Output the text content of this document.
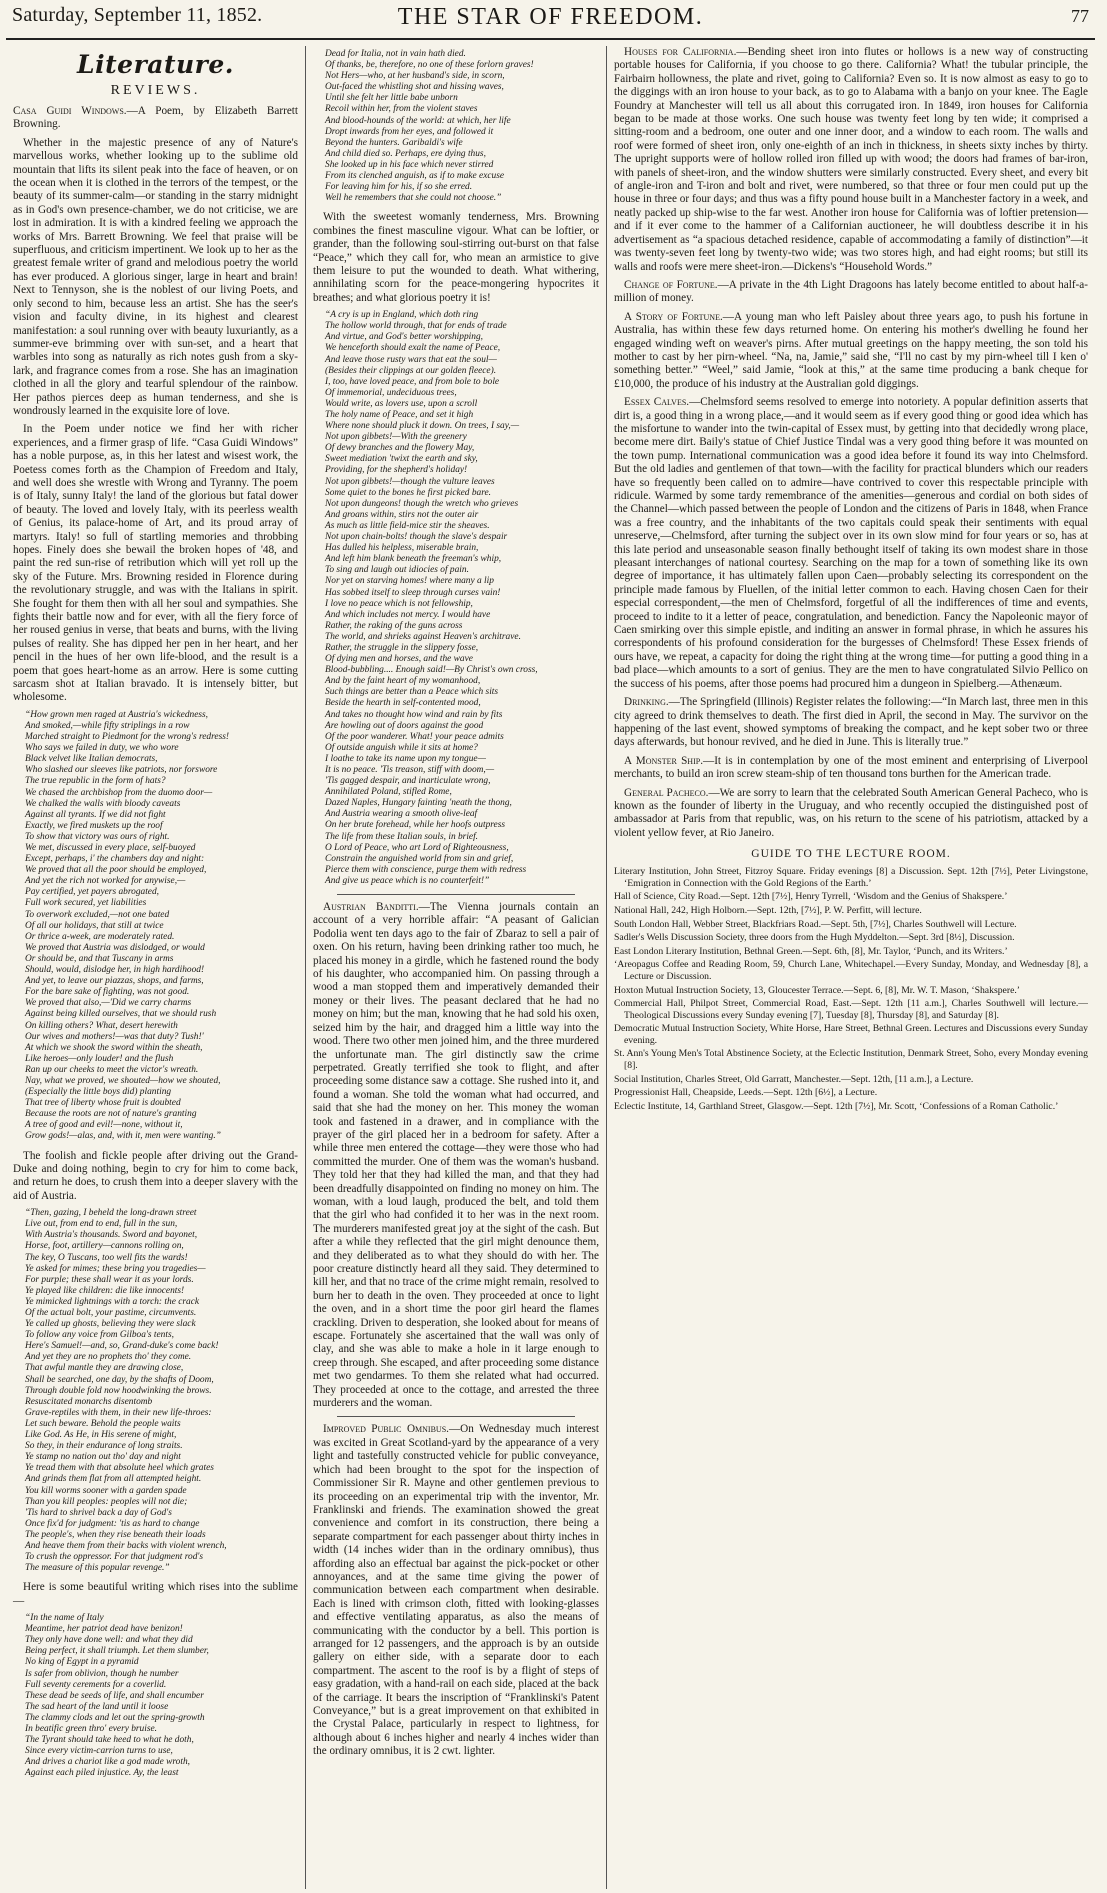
Saturday, September 11, 1852.	THE STAR OF FREEDOM.	77
Literature.
REVIEWS.

Casa Guidi Windows.—A Poem, by Elizabeth Barrett Browning.

Whether in the majestic presence of any of Nature's marvellous works, whether looking up to the sublime old mountain that lifts its silent peak into the face of heaven, or on the ocean when it is clothed in the terrors of the tempest, or the beauty of its summer-calm—or standing in the starry midnight as in God's own presence-chamber, we do not criticise, we are lost in admiration. It is with a kindred feeling we approach the works of Mrs. Barrett Browning. We feel that praise will be superfluous, and criticism impertinent. We look up to her as the greatest female writer of grand and melodious poetry the world has ever produced. A glorious singer, large in heart and brain! Next to Tennyson, she is the noblest of our living Poets, and only second to him, because less an artist. She has the seer's vision and faculty divine, in its highest and clearest manifestation: a soul running over with beauty luxuriantly, as a summer-eve brimming over with sun-set, and a heart that warbles into song as naturally as rich notes gush from a sky-lark, and fragrance comes from a rose. She has an imagination clothed in all the glory and tearful splendour of the rainbow. Her pathos pierces deep as human tenderness, and she is wondrously learned in the exquisite lore of love.

In the Poem under notice we find her with richer experiences, and a firmer grasp of life. “Casa Guidi Windows” has a noble purpose, as, in this her latest and wisest work, the Poetess comes forth as the Champion of Freedom and Italy, and well does she wrestle with Wrong and Tyranny. The poem is of Italy, sunny Italy! the land of the glorious but fatal dower of beauty. The loved and lovely Italy, with its peerless wealth of Genius, its palace-home of Art, and its proud array of martyrs. Italy! so full of startling memories and throbbing hopes. Finely does she bewail the broken hopes of '48, and paint the red sun-rise of retribution which will yet roll up the sky of the Future. Mrs. Browning resided in Florence during the revolutionary struggle, and was with the Italians in spirit. She fought for them then with all her soul and sympathies. She fights their battle now and for ever, with all the fiery force of her roused genius in verse, that beats and burns, with the living pulses of reality. She has dipped her pen in her heart, and her pencil in the hues of her own life-blood, and the result is a poem that goes heart-home as an arrow. Here is some cutting sarcasm shot at Italian bravado. It is intensely bitter, but wholesome.

“How grown men raged at Austria's wickedness,
And smoked,—while fifty striplings in a row
Marched straight to Piedmont for the wrong's redress!
Who says we failed in duty, we who wore
Black velvet like Italian democrats,
Who slashed our sleeves like patriots, nor forswore
The true republic in the form of hats?
We chased the archbishop from the duomo door—
We chalked the walls with bloody caveats
Against all tyrants. If we did not fight
Exactly, we fired muskets up the roof
To show that victory was ours of right.
We met, discussed in every place, self-buoyed
Except, perhaps, i' the chambers day and night:
We proved that all the poor should be employed,
And yet the rich not worked for anywise,—
Pay certified, yet payers abrogated,
Full work secured, yet liabilities
To overwork excluded,—not one bated
Of all our holidays, that still at twice
Or thrice a-week, are moderately rated.
We proved that Austria was dislodged, or would
Or should be, and that Tuscany in arms
Should, would, dislodge her, in high hardihood!
And yet, to leave our piazzas, shops, and farms,
For the bare sake of fighting, was not good.
We proved that also,—'Did we carry charms
Against being killed ourselves, that we should rush
On killing others? What, desert herewith
Our wives and mothers!—was that duty? Tush!'
At which we shook the sword within the sheath,
Like heroes—only louder! and the flush
Ran up our cheeks to meet the victor's wreath.
Nay, what we proved, we shouted—how we shouted,
(Especially the little boys did) planting
That tree of liberty whose fruit is doubted
Because the roots are not of nature's granting
A tree of good and evil!—none, without it,
Grow gods!—alas, and, with it, men were wanting.”

The foolish and fickle people after driving out the Grand-Duke and doing nothing, begin to cry for him to come back, and return he does, to crush them into a deeper slavery with the aid of Austria.

“Then, gazing, I beheld the long-drawn street
Live out, from end to end, full in the sun,
With Austria's thousands. Sword and bayonet,
Horse, foot, artillery—cannons rolling on,
The key, O Tuscans, too well fits the wards!
Ye asked for mimes; these bring you tragedies—
For purple; these shall wear it as your lords.
Ye played like children: die like innocents!
Ye mimicked lightnings with a torch: the crack
Of the actual bolt, your pastime, circumvents.
Ye called up ghosts, believing they were slack
To follow any voice from Gilboa's tents,
Here's Samuel!—and, so, Grand-duke's come back!
And yet they are no prophets tho' they come.
That awful mantle they are drawing close,
Shall be searched, one day, by the shafts of Doom,
Through double fold now hoodwinking the brows.
Resuscitated monarchs disentomb
Grave-reptiles with them, in their new life-throes:
Let such beware. Behold the people waits
Like God. As He, in His serene of might,
So they, in their endurance of long straits.
Ye stamp no nation out tho' day and night
Ye tread them with that absolute heel which grates
And grinds them flat from all attempted height.
You kill worms sooner with a garden spade
Than you kill peoples: peoples will not die;
'Tis hard to shrivel back a day of God's
Once fix'd for judgment: 'tis as hard to change
The people's, when they rise beneath their loads
And heave them from their backs with violent wrench,
To crush the oppressor. For that judgment rod's
The measure of this popular revenge.”

Here is some beautiful writing which rises into the sublime—

“In the name of Italy
Meantime, her patriot dead have benizon!
They only have done well: and what they did
Being perfect, it shall triumph. Let them slumber,
No king of Egypt in a pyramid
Is safer from oblivion, though he number
Full seventy cerements for a coverlid.
These dead be seeds of life, and shall encumber
The sad heart of the land until it loose
The clammy clods and let out the spring-growth
In beatific green thro' every bruise.
The Tyrant should take heed to what he doth,
Since every victim-carrion turns to use,
And drives a chariot like a god made wroth,
Against each piled injustice. Ay, the least
Dead for Italia, not in vain hath died.
Of thanks, be, therefore, no one of these forlorn graves!
Not Hers—who, at her husband's side, in scorn,
Out-faced the whistling shot and hissing waves,
Until she felt her little babe unborn
Recoil within her, from the violent staves
And blood-hounds of the world: at which, her life
Dropt inwards from her eyes, and followed it
Beyond the hunters. Garibaldi's wife
And child died so. Perhaps, ere dying thus,
She looked up in his face which never stirred
From its clenched anguish, as if to make excuse
For leaving him for his, if so she erred.
Well he remembers that she could not choose.”

With the sweetest womanly tenderness, Mrs. Browning combines the finest masculine vigour. What can be loftier, or grander, than the following soul-stirring out-burst on that false “Peace,” which they call for, who mean an armistice to give them leisure to put the wounded to death. What withering, annihilating scorn for the peace-mongering hypocrites it breathes; and what glorious poetry it is!

“A cry is up in England, which doth ring
The hollow world through, that for ends of trade
And virtue, and God's better worshipping,
We henceforth should exalt the name of Peace,
And leave those rusty wars that eat the soul—
(Besides their clippings at our golden fleece).
I, too, have loved peace, and from bole to bole
Of immemorial, undeciduous trees,
Would write, as lovers use, upon a scroll
The holy name of Peace, and set it high
Where none should pluck it down. On trees, I say,—
Not upon gibbets!—With the greenery
Of dewy branches and the flowery May,
Sweet mediation 'twixt the earth and sky,
Providing, for the shepherd's holiday!
Not upon gibbets!—though the vulture leaves
Some quiet to the bones he first picked bare.
Not upon dungeons! though the wretch who grieves
And groans within, stirs not the outer air
As much as little field-mice stir the sheaves.
Not upon chain-bolts! though the slave's despair
Has dulled his helpless, miserable brain,
And left him blank beneath the freeman's whip,
To sing and laugh out idiocies of pain.
Nor yet on starving homes! where many a lip
Has sobbed itself to sleep through curses vain!
I love no peace which is not fellowship,
And which includes not mercy. I would have
Rather, the raking of the guns across
The world, and shrieks against Heaven's architrave.
Rather, the struggle in the slippery fosse,
Of dying men and horses, and the wave
Blood-bubbling.... Enough said!—By Christ's own cross,
And by the faint heart of my womanhood,
Such things are better than a Peace which sits
Beside the hearth in self-contented mood,
And takes no thought how wind and rain by fits
Are howling out of doors against the good
Of the poor wanderer. What! your peace admits
Of outside anguish while it sits at home?
I loathe to take its name upon my tongue—
It is no peace. 'Tis treason, stiff with doom,—
'Tis gagged despair, and inarticulate wrong,
Annihilated Poland, stifled Rome,
Dazed Naples, Hungary fainting 'neath the thong,
And Austria wearing a smooth olive-leaf
On her brute forehead, while her hoofs outpress
The life from these Italian souls, in brief.
O Lord of Peace, who art Lord of Righteousness,
Constrain the anguished world from sin and grief,
Pierce them with conscience, purge them with redress
And give us peace which is no counterfeit!”

Austrian Banditti.—The Vienna journals contain an account of a very horrible affair: “A peasant of Galician Podolia went ten days ago to the fair of Zbaraz to sell a pair of oxen. On his return, having been drinking rather too much, he placed his money in a girdle, which he fastened round the body of his daughter, who accompanied him. On passing through a wood a man stopped them and imperatively demanded their money or their lives. The peasant declared that he had no money on him; but the man, knowing that he had sold his oxen, seized him by the hair, and dragged him a little way into the wood. There two other men joined him, and the three murdered the unfortunate man. The girl distinctly saw the crime perpetrated. Greatly terrified she took to flight, and after proceeding some distance saw a cottage. She rushed into it, and found a woman. She told the woman what had occurred, and said that she had the money on her. This money the woman took and fastened in a drawer, and in compliance with the prayer of the girl placed her in a bedroom for safety. After a while three men entered the cottage—they were those who had committed the murder. One of them was the woman's husband. They told her that they had killed the man, and that they had been dreadfully disappointed on finding no money on him. The woman, with a loud laugh, produced the belt, and told them that the girl who had confided it to her was in the next room. The murderers manifested great joy at the sight of the cash. But after a while they reflected that the girl might denounce them, and they deliberated as to what they should do with her. The poor creature distinctly heard all they said. They determined to kill her, and that no trace of the crime might remain, resolved to burn her to death in the oven. They proceeded at once to light the oven, and in a short time the poor girl heard the flames crackling. Driven to desperation, she looked about for means of escape. Fortunately she ascertained that the wall was only of clay, and she was able to make a hole in it large enough to creep through. She escaped, and after proceeding some distance met two gendarmes. To them she related what had occurred. They proceeded at once to the cottage, and arrested the three murderers and the woman.

Improved Public Omnibus.—On Wednesday much interest was excited in Great Scotland-yard by the appearance of a very light and tastefully constructed vehicle for public conveyance, which had been brought to the spot for the inspection of Commissioner Sir R. Mayne and other gentlemen previous to its proceeding on an experimental trip with the inventor, Mr. Franklinski and friends. The examination showed the great convenience and comfort in its construction, there being a separate compartment for each passenger about thirty inches in width (14 inches wider than in the ordinary omnibus), thus affording also an effectual bar against the pick-pocket or other annoyances, and at the same time giving the power of communication between each compartment when desirable. Each is lined with crimson cloth, fitted with looking-glasses and effective ventilating apparatus, as also the means of communicating with the conductor by a bell. This portion is arranged for 12 passengers, and the approach is by an outside gallery on either side, with a separate door to each compartment. The ascent to the roof is by a flight of steps of easy gradation, with a hand-rail on each side, placed at the back of the carriage. It bears the inscription of “Franklinski's Patent Conveyance,” but is a great improvement on that exhibited in the Crystal Palace, particularly in respect to lightness, for although about 6 inches higher and nearly 4 inches wider than the ordinary omnibus, it is 2 cwt. lighter.

Houses for California.—Bending sheet iron into flutes or hollows is a new way of constructing portable houses for California, if you choose to go there. California? What! the tubular principle, the Fairbairn hollowness, the plate and rivet, going to California? Even so. It is now almost as easy to go to the diggings with an iron house to your back, as to go to Alabama with a banjo on your knee. The Eagle Foundry at Manchester will tell us all about this corrugated iron. In 1849, iron houses for California began to be made at those works. One such house was twenty feet long by ten wide; it comprised a sitting-room and a bedroom, one outer and one inner door, and a window to each room. The walls and roof were formed of sheet iron, only one-eighth of an inch in thickness, in sheets sixty inches by thirty. The upright supports were of hollow rolled iron filled up with wood; the doors had frames of bar-iron, with panels of sheet-iron, and the window shutters were similarly constructed. Every sheet, and every bit of angle-iron and T-iron and bolt and rivet, were numbered, so that three or four men could put up the house in three or four days; and thus was a fifty pound house built in a Manchester factory in a week, and neatly packed up ship-wise to the far west. Another iron house for California was of loftier pretension—and if it ever come to the hammer of a Californian auctioneer, he will doubtless describe it in his advertisement as “a spacious detached residence, capable of accommodating a family of distinction”—it was twenty-seven feet long by twenty-two wide; was two stores high, and had eight rooms; but still its walls and roofs were mere sheet-iron.—Dickens's “Household Words.”

Change of Fortune.—A private in the 4th Light Dragoons has lately become entitled to about half-a-million of money.

A Story of Fortune.—A young man who left Paisley about three years ago, to push his fortune in Australia, has within these few days returned home. On entering his mother's dwelling he found her engaged winding weft on weaver's pirns. After mutual greetings on the happy meeting, the son told his mother to cast by her pirn-wheel. “Na, na, Jamie,” said she, “I'll no cast by my pirn-wheel till I ken o' something better.” “Weel,” said Jamie, “look at this,” at the same time producing a bank cheque for £10,000, the produce of his industry at the Australian gold diggings.

Essex Calves.—Chelmsford seems resolved to emerge into notoriety. A popular definition asserts that dirt is, a good thing in a wrong place,—and it would seem as if every good thing or good idea which has the misfortune to wander into the twin-capital of Essex must, by getting into that decidedly wrong place, become mere dirt. Baily's statue of Chief Justice Tindal was a very good thing before it was mounted on the town pump. International communication was a good idea before it found its way into Chelmsford. But the old ladies and gentlemen of that town—with the facility for practical blunders which our readers have so frequently been called on to admire—have contrived to cover this respectable principle with ridicule. Warmed by some tardy remembrance of the amenities—generous and cordial on both sides of the Channel—which passed between the people of London and the citizens of Paris in 1848, when France was a free country, and the inhabitants of the two capitals could speak their sentiments with equal unreserve,—Chelmsford, after turning the subject over in its own slow mind for four years or so, has at this late period and unseasonable season finally bethought itself of taking its own modest share in those pleasant interchanges of national courtesy. Searching on the map for a town of something like its own degree of importance, it has ultimately fallen upon Caen—probably selecting its correspondent on the principle made famous by Fluellen, of the initial letter common to each. Having chosen Caen for their especial correspondent,—the men of Chelmsford, forgetful of all the indifferences of time and events, proceed to indite to it a letter of peace, congratulation, and benediction. Fancy the Napoleonic mayor of Caen smirking over this simple epistle, and inditing an answer in formal phrase, in which he assures his correspondents of his profound consideration for the burgesses of Chelmsford! These Essex friends of ours have, we repeat, a capacity for doing the right thing at the wrong time—for putting a good thing in a bad place—which amounts to a sort of genius. They are the men to have congratulated Silvio Pellico on the success of his poems, after those poems had procured him a dungeon in Spielberg.—Athenæum.

Drinking.—The Springfield (Illinois) Register relates the following:—“In March last, three men in this city agreed to drink themselves to death. The first died in April, the second in May. The survivor on the happening of the last event, showed symptoms of breaking the compact, and he kept sober two or three days afterwards, but honour revived, and he died in June. This is literally true.”

A Monster Ship.—It is in contemplation by one of the most eminent and enterprising of Liverpool merchants, to build an iron screw steam-ship of ten thousand tons burthen for the American trade.

General Pacheco.—We are sorry to learn that the celebrated South American General Pacheco, who is known as the founder of liberty in the Uruguay, and who recently occupied the distinguished post of ambassador at Paris from that republic, was, on his return to the scene of his patriotism, attacked by a violent yellow fever, at Rio Janeiro.

GUIDE TO THE LECTURE ROOM.

Literary Institution, John Street, Fitzroy Square. Friday evenings [8] a Discussion. Sept. 12th [7½], Peter Livingstone, ‘Emigration in Connection with the Gold Regions of the Earth.’

Hall of Science, City Road.—Sept. 12th [7½], Henry Tyrrell, ‘Wisdom and the Genius of Shakspere.’

National Hall, 242, High Holborn.—Sept. 12th, [7½], P. W. Perfitt, will lecture.

South London Hall, Webber Street, Blackfriars Road.—Sept. 5th, [7½], Charles Southwell will Lecture.

Sadler's Wells Discussion Society, three doors from the Hugh Myddelton.—Sept. 3rd [8½], Discussion.

East London Literary Institution, Bethnal Green.—Sept. 6th, [8], Mr. Taylor, ‘Punch, and its Writers.’

‘Areopagus Coffee and Reading Room, 59, Church Lane, Whitechapel.—Every Sunday, Monday, and Wednesday [8], a Lecture or Discussion.

Hoxton Mutual Instruction Society, 13, Gloucester Terrace.—Sept. 6, [8], Mr. W. T. Mason, ‘Shakspere.’

Commercial Hall, Philpot Street, Commercial Road, East.—Sept. 12th [11 a.m.], Charles Southwell will lecture.—Theological Discussions every Sunday evening [7], Tuesday [8], Thursday [8], and Saturday [8].

Democratic Mutual Instruction Society, White Horse, Hare Street, Bethnal Green. Lectures and Discussions every Sunday evening.

St. Ann's Young Men's Total Abstinence Society, at the Eclectic Institution, Denmark Street, Soho, every Monday evening [8].

Social Institution, Charles Street, Old Garratt, Manchester.—Sept. 12th, [11 a.m.], a Lecture.

Progressionist Hall, Cheapside, Leeds.—Sept. 12th [6½], a Lecture.

Eclectic Institute, 14, Garthland Street, Glasgow.—Sept. 12th [7½], Mr. Scott, ‘Confessions of a Roman Catholic.’
